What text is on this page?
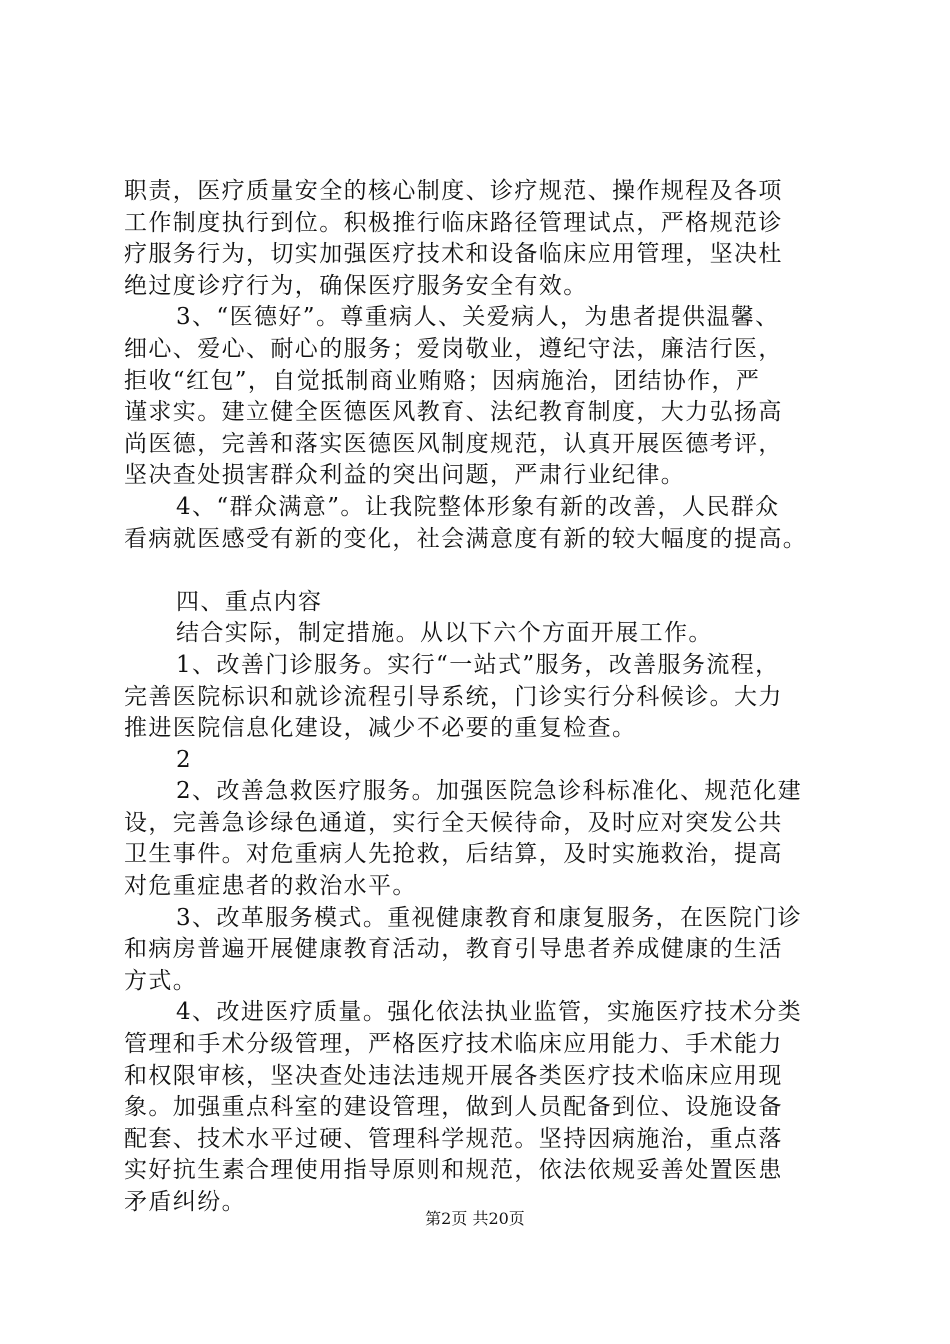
职责，医疗质量安全的核心制度、诊疗规范、操作规程及各项
工作制度执行到位。积极推行临床路径管理试点，严格规范诊
疗服务行为，切实加强医疗技术和设备临床应用管理，坚决杜
绝过度诊疗行为，确保医疗服务安全有效。
3、“医德好”。尊重病人、关爱病人，为患者提供温馨、
细心、爱心、耐心的服务；爱岗敬业，遵纪守法，廉洁行医，
拒收“红包”，自觉抵制商业贿赂；因病施治，团结协作，严
谨求实。建立健全医德医风教育、法纪教育制度，大力弘扬高
尚医德，完善和落实医德医风制度规范，认真开展医德考评，
坚决查处损害群众利益的突出问题，严肃行业纪律。
4、“群众满意”。让我院整体形象有新的改善，人民群众
看病就医感受有新的变化，社会满意度有新的较大幅度的提高。
四、重点内容
结合实际，制定措施。从以下六个方面开展工作。
1、改善门诊服务。实行“一站式”服务，改善服务流程，
完善医院标识和就诊流程引导系统，门诊实行分科候诊。大力
推进医院信息化建设，减少不必要的重复检查。
2
2、改善急救医疗服务。加强医院急诊科标准化、规范化建
设，完善急诊绿色通道，实行全天候待命，及时应对突发公共
卫生事件。对危重病人先抢救，后结算，及时实施救治，提高
对危重症患者的救治水平。
3、改革服务模式。重视健康教育和康复服务，在医院门诊
和病房普遍开展健康教育活动，教育引导患者养成健康的生活
方式。
4、改进医疗质量。强化依法执业监管，实施医疗技术分类
管理和手术分级管理，严格医疗技术临床应用能力、手术能力
和权限审核，坚决查处违法违规开展各类医疗技术临床应用现
象。加强重点科室的建设管理，做到人员配备到位、设施设备
配套、技术水平过硬、管理科学规范。坚持因病施治，重点落
实好抗生素合理使用指导原则和规范，依法依规妥善处置医患
矛盾纠纷。
第2页 共20页
